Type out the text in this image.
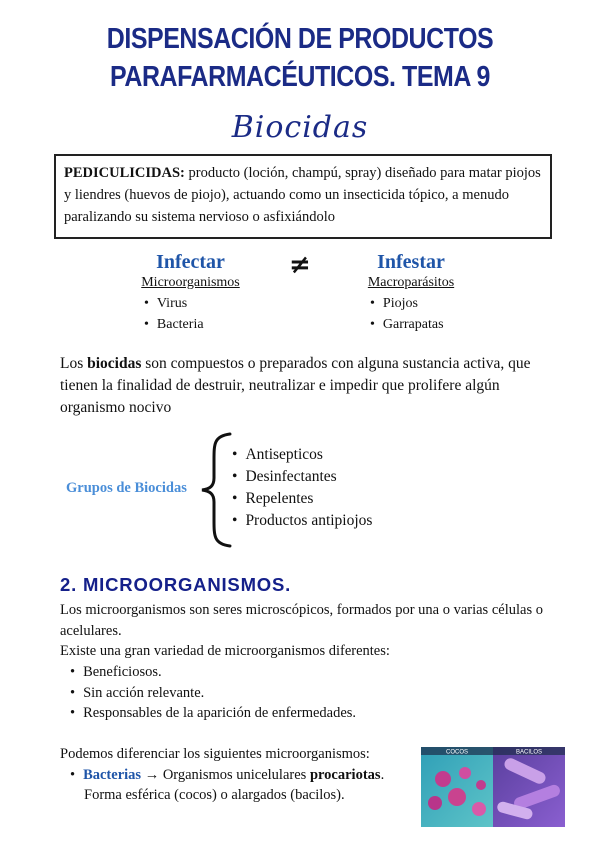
DISPENSACIÓN DE PRODUCTOS
PARAFARMACÉUTICOS. TEMA 9
Biocidas
PEDICULICIDAS: producto (loción, champú, spray) diseñado para matar piojos y liendres (huevos de piojo), actuando como un insecticida tópico, a menudo paralizando su sistema nervioso o asfixiándolo
Infectar
Microorganismos
• Virus
• Bacteria
≠	Infestar
Macroparásitos
• Piojos
• Garrapatas
Los biocidas son compuestos o preparados con alguna sustancia activa, que tienen la finalidad de destruir, neutralizar e impedir que prolifere algún organismo nocivo
Grupos de Biocidas
• Antisepticos
• Desinfectantes
• Repelentes
• Productos antipiojos
2. MICROORGANISMOS.
Los microorganismos son seres microscópicos, formados por una o varias células o acelulares.
Existe una gran variedad de microorganismos diferentes:
• Beneficiosos.
• Sin acción relevante.
• Responsables de la aparición de enfermedades.
Podemos diferenciar los siguientes microorganismos:
• Bacterias → Organismos unicelulares procariotas.
Forma esférica (cocos) o alargados (bacilos).
COCOS	BACILOS
